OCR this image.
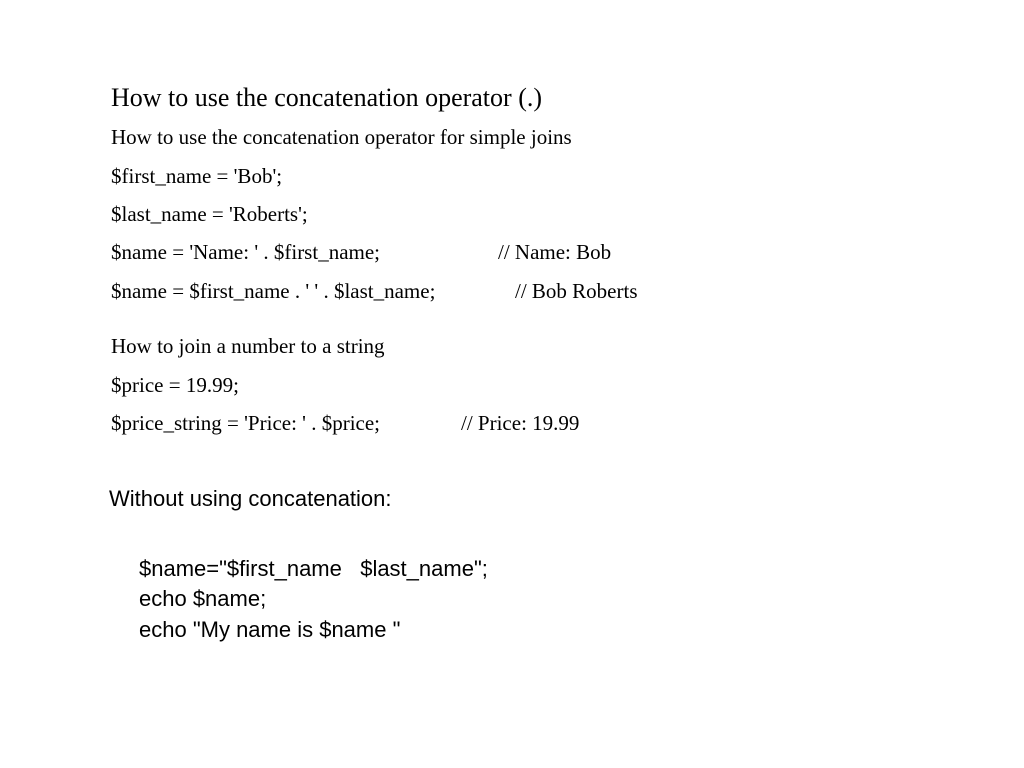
How to use the concatenation operator (.)
How to use the concatenation operator for simple joins
$first_name = 'Bob';
$last_name = 'Roberts';
$name = 'Name: ' . $first_name;	// Name: Bob
$name = $first_name . ' ' . $last_name;	// Bob Roberts
How to join a number to a string
$price = 19.99;
$price_string = 'Price: ' . $price;	// Price: 19.99
Without using concatenation:
$name="$first_name   $last_name";
echo $name;
echo "My name is $name "
